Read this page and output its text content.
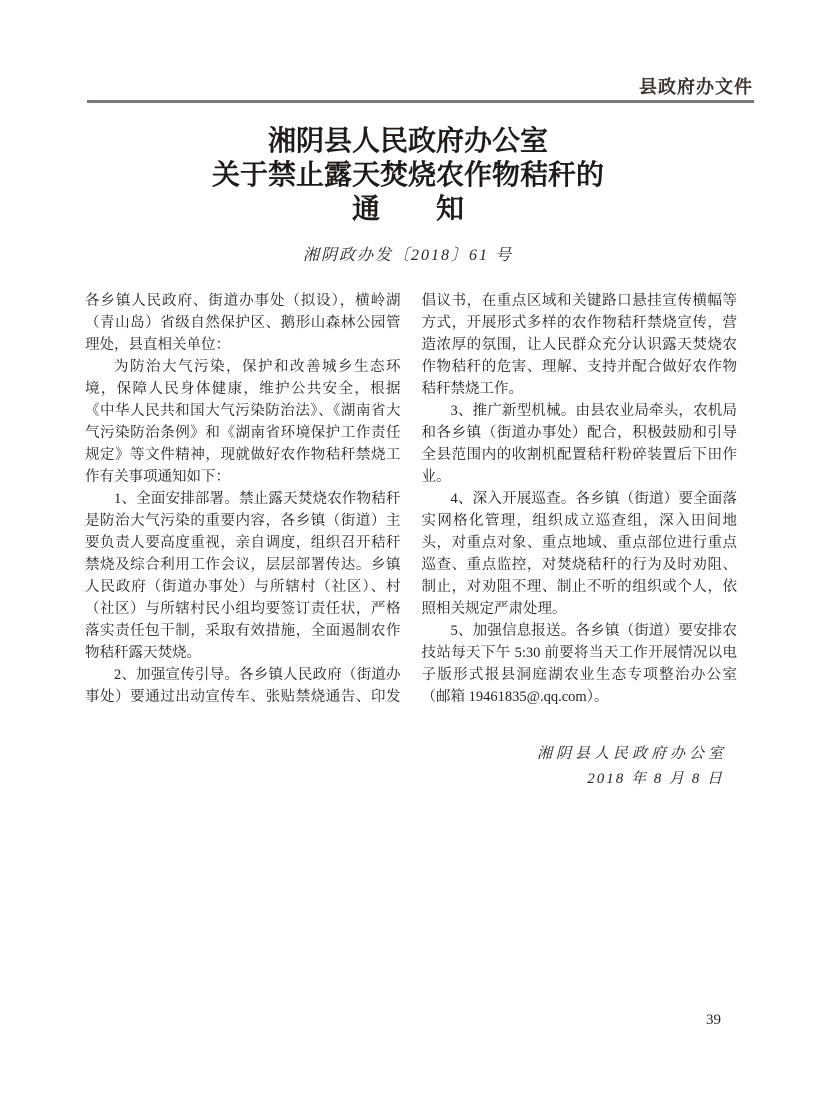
县政府办文件
湘阴县人民政府办公室
关于禁止露天焚烧农作物秸秆的
通　　知
湘阴政办发〔2018〕61 号

各乡镇人民政府、街道办事处（拟设），横岭湖（青山岛）省级自然保护区、鹅形山森林公园管理处，县直相关单位：

为防治大气污染，保护和改善城乡生态环境，保障人民身体健康，维护公共安全，根据《中华人民共和国大气污染防治法》、《湖南省大气污染防治条例》和《湖南省环境保护工作责任规定》等文件精神，现就做好农作物秸秆禁烧工作有关事项通知如下：

1、全面安排部署。禁止露天焚烧农作物秸秆是防治大气污染的重要内容，各乡镇（街道）主要负责人要高度重视，亲自调度，组织召开秸秆禁烧及综合利用工作会议，层层部署传达。乡镇人民政府（街道办事处）与所辖村（社区）、村（社区）与所辖村民小组均要签订责任状，严格落实责任包干制，采取有效措施，全面遏制农作物秸秆露天焚烧。

2、加强宣传引导。各乡镇人民政府（街道办事处）要通过出动宣传车、张贴禁烧通告、印发倡议书，在重点区域和关键路口悬挂宣传横幅等方式，开展形式多样的农作物秸秆禁烧宣传，营造浓厚的氛围，让人民群众充分认识露天焚烧农作物秸秆的危害、理解、支持并配合做好农作物秸秆禁烧工作。

3、推广新型机械。由县农业局牵头，农机局和各乡镇（街道办事处）配合，积极鼓励和引导全县范围内的收割机配置秸秆粉碎装置后下田作业。

4、深入开展巡查。各乡镇（街道）要全面落实网格化管理，组织成立巡查组，深入田间地头，对重点对象、重点地域、重点部位进行重点巡查、重点监控，对焚烧秸秆的行为及时劝阻、制止，对劝阻不理、制止不听的组织或个人，依照相关规定严肃处理。

5、加强信息报送。各乡镇（街道）要安排农技站每天下午 5:30 前要将当天工作开展情况以电子版形式报县洞庭湖农业生态专项整治办公室（邮箱 19461835@.qq.com）。

湘阴县人民政府办公室
2018 年 8 月 8 日
39
